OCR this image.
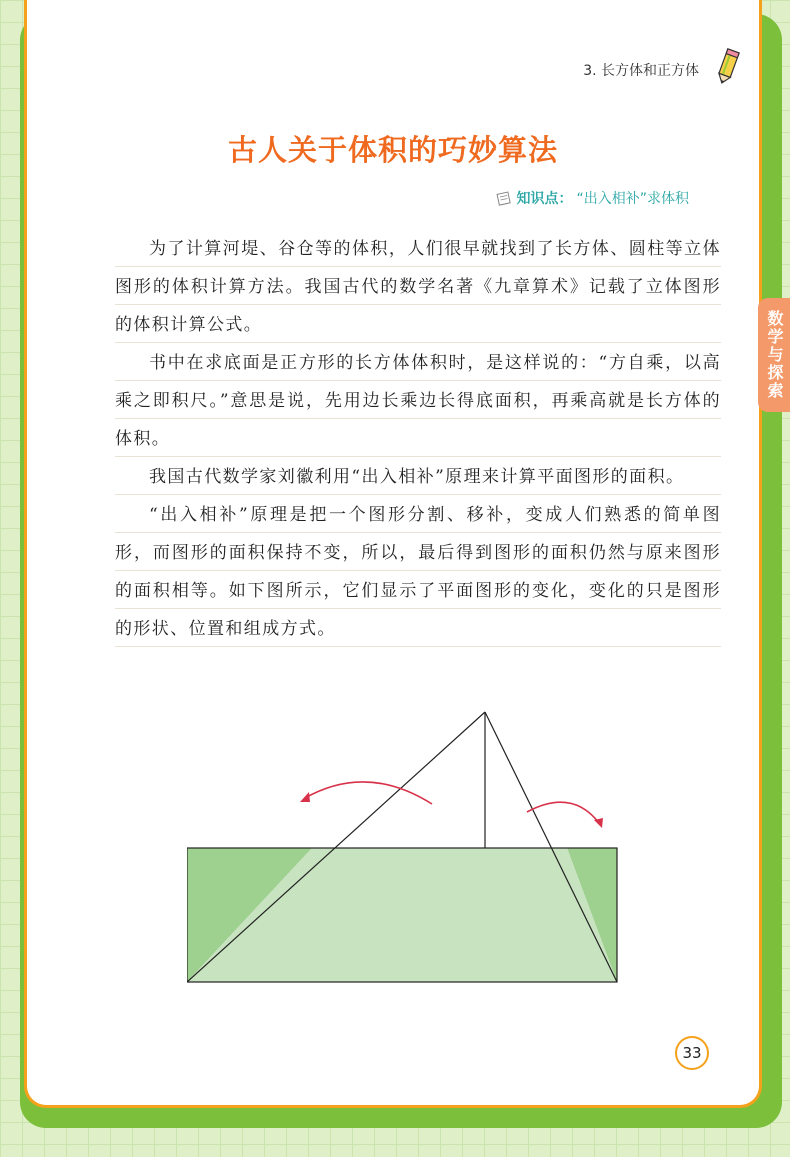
3. 长方体和正方体
古人关于体积的巧妙算法
知识点： “出入相补”求体积

为了计算河堤、谷仓等的体积，人们很早就找到了长方体、圆柱等立体图形的体积计算方法。我国古代的数学名著《九章算术》记载了立体图形的体积计算公式。

书中在求底面是正方形的长方体体积时，是这样说的：“方自乘，以高乘之即积尺。”意思是说，先用边长乘边长得底面积，再乘高就是长方体的体积。

我国古代数学家刘徽利用“出入相补”原理来计算平面图形的面积。

“出入相补”原理是把一个图形分割、移补，变成人们熟悉的简单图形，而图形的面积保持不变，所以，最后得到图形的面积仍然与原来图形的面积相等。如下图所示，它们显示了平面图形的变化，变化的只是图形的形状、位置和组成方式。

33
数学与探索
